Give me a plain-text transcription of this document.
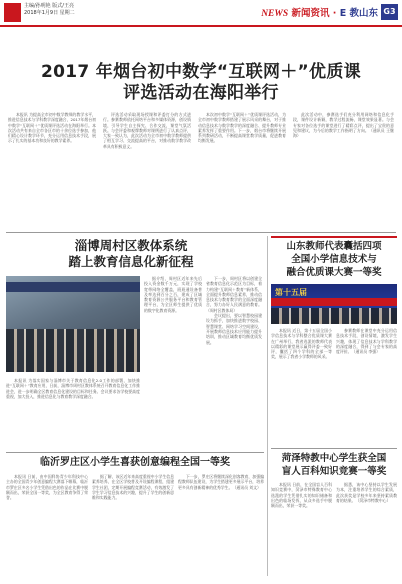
主编/孙明艳 版式/王亮
2018年1月9日 星期二	NEWS 新闻资讯 · E 教山东 G3
2017 年烟台初中数学“互联网＋”优质课
评选活动在海阳举行

本报讯 为提高全市初中数学教师的教学水平，推进信息技术与学科教学深度融合，2017年烟台初中数学“互联网＋”优质课评选活动在海阳举行。本次活动共有来自全市各区市的十余位选手参加，他们精心设计教学环节，充分运用信息技术手段，展示了扎实的基本功和良好的教学素养。

评选活动采取现场授课和评委打分的方式进行。参赛教师依托网络平台和多媒体资源，创设情境，引导学生自主探究、合作交流，课堂气氛活跃。与会评委和观摩教师对课例进行了认真点评，大家一致认为，此次活动为全市初中数学教师提供了相互学习、交流提高的平台，对推动数学教学改革具有积极意义。

本次初中数学“互联网＋”优质课评选活动，为全市初中数学教师搭建了展示风采的舞台，对于推动信息技术与数学教学的深度融合、提升教师专业素养发挥了重要作用。下一步，烟台市将继续开展系列教研活动，不断提高课堂教学质量，促进教育均衡发展。

此次活动中，参赛选手们充分利用网络和信息化手段，课件设计新颖，教学过程流畅，课堂效果显著。与会专家对各位选手的课堂进行了精彩点评，提出了宝贵的意见和建议，为今后的教学工作指明了方向。（通讯员 王继海）

淄博周村区教体系统
踏上教育信息化新征程

本报讯 为落实国家与淄博市关于教育信息化2.0工作的部署，加快推进“互联网＋”教育应用，日前，淄博市周村区教体系统召开教育信息化工作推进会，进一步明确全区教育信息化建设的目标和任务。会议要求各学校要高度重视，加大投入，推进信息化与教育教学深度融合。

据介绍，周村区近年来先后投入资金数千万元，实现了学校宽带网络全覆盖，班班通设备普及率达到百分之百，建成了区域教育资源公共服务平台和教育管理平台，为全区师生提供了优质的数字化教育资源。

下一步，周村区将以创建全省教育信息化示范区为目标，着力构建“互联网＋教育”新体系，全面提升教师信息素养，推动信息技术与教育教学的全面深度融合，努力办好人民满意的教育。（周村区教体局）

会议提出，要以智慧校园建设为抓手，加快推进数字校园、智慧课堂、网络学习空间建设，开展教师信息技术应用能力提升培训，推动区域教育均衡优质发展。

山东教师代表囊括四项
全国小学信息技术与
融合优质课大赛一等奖
第十五届

本报讯 近日，第十五届全国小学信息技术与学科整合优质课大赛在广州举行，我省选派的教师代表以精彩的课堂展示赢得评委一致好评，囊括了四个学科的全部一等奖，展示了我省小学教师的风采。

参赛教师在课堂中充分运用信息技术手段，创设情境，激发学生兴趣，体现了信息技术与学科教学的深度融合，得到了与会专家的高度评价。（通讯员 李强）

临沂罗庄区小学生喜获创意编程全国一等奖

本报讯 日前，由中国科协青少年科技中心主办的全国青少年创意编程大赛落下帷幕，临沂市罗庄区多名小学生凭借出色的作品在比赛中脱颖而出，荣获全国一等奖，为全区教育争得了荣誉。

据了解，该区近年来高度重视中小学生信息素养培养，在全区学校普及开设编程课程，组建学生社团，定期开展编程竞赛活动，有效激发了学生学习信息技术的兴趣，提升了学生的创新思维和实践能力。

下一步，罗庄区将继续深化创客教育，加强编程教师队伍建设，为学生搭建更多展示平台，培养更多具有创新精神的优秀学生。（通讯员 刘文）

菏泽特教中心学生获全国
盲人百科知识竞赛一等奖

本报讯 日前，在全国盲人百科知识竞赛中，菏泽市特殊教育中心选派的学生凭借扎实的知识储备和出色的临场发挥，从众多选手中脱颖而出，荣获一等奖。

据悉，该中心坚持以学生发展为本，注重培养学生的综合素质，此次获奖是学校多年来坚持素质教育的结果。（菏泽市特教中心）
